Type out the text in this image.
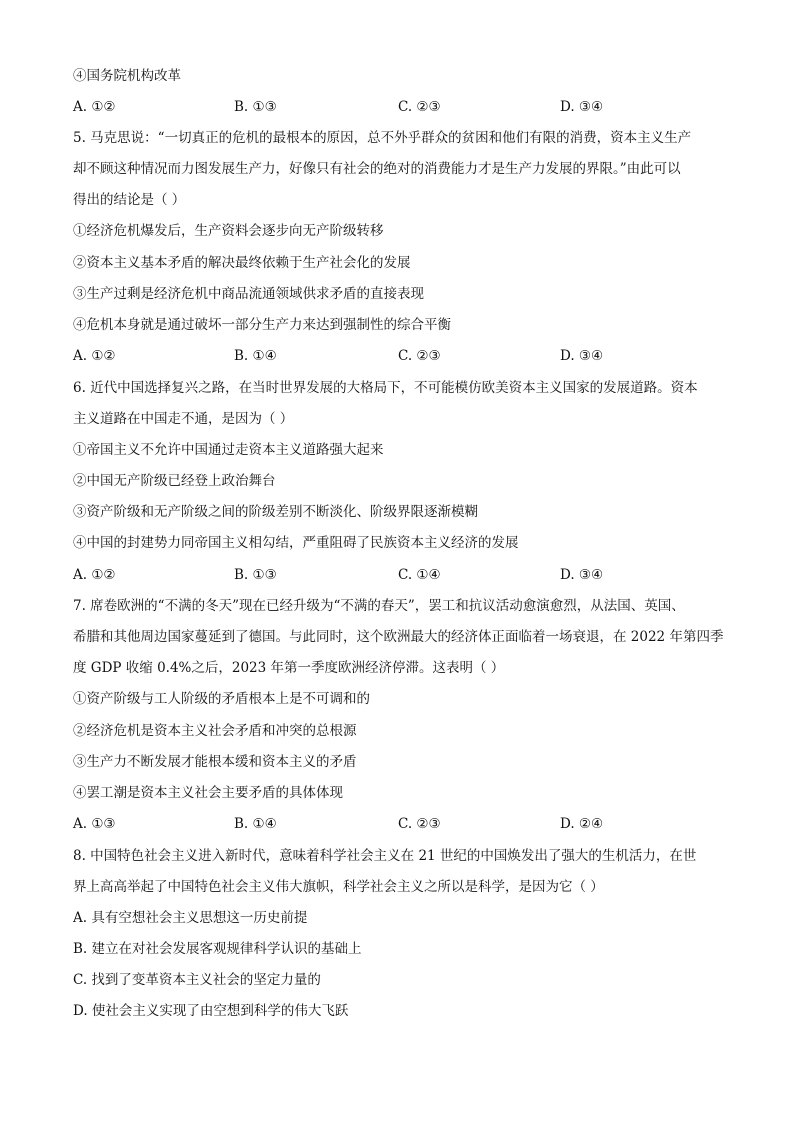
④国务院机构改革
A. ①②	B. ①③	C. ②③	D. ③④
5. 马克思说：“一切真正的危机的最根本的原因，总不外乎群众的贫困和他们有限的消费，资本主义生产
却不顾这种情况而力图发展生产力，好像只有社会的绝对的消费能力才是生产力发展的界限。”由此可以
得出的结论是（ ）
①经济危机爆发后，生产资料会逐步向无产阶级转移
②资本主义基本矛盾的解决最终依赖于生产社会化的发展
③生产过剩是经济危机中商品流通领域供求矛盾的直接表现
④危机本身就是通过破坏一部分生产力来达到强制性的综合平衡
A. ①②	B. ①④	C. ②③	D. ③④
6. 近代中国选择复兴之路，在当时世界发展的大格局下，不可能模仿欧美资本主义国家的发展道路。资本
主义道路在中国走不通，是因为（ ）
①帝国主义不允许中国通过走资本主义道路强大起来
②中国无产阶级已经登上政治舞台
③资产阶级和无产阶级之间的阶级差别不断淡化、阶级界限逐渐模糊
④中国的封建势力同帝国主义相勾结，严重阻碍了民族资本主义经济的发展
A. ①②	B. ①③	C. ①④	D. ③④
7. 席卷欧洲的“不满的冬天”现在已经升级为“不满的春天”，罢工和抗议活动愈演愈烈，从法国、英国、
希腊和其他周边国家蔓延到了德国。与此同时，这个欧洲最大的经济体正面临着一场衰退，在 2022 年第四季
度 GDP 收缩 0.4%之后，2023 年第一季度欧洲经济停滞。这表明（ ）
①资产阶级与工人阶级的矛盾根本上是不可调和的
②经济危机是资本主义社会矛盾和冲突的总根源
③生产力不断发展才能根本缓和资本主义的矛盾
④罢工潮是资本主义社会主要矛盾的具体体现
A. ①③	B. ①④	C. ②③	D. ②④
8. 中国特色社会主义进入新时代，意味着科学社会主义在 21 世纪的中国焕发出了强大的生机活力，在世
界上高高举起了中国特色社会主义伟大旗帜，科学社会主义之所以是科学，是因为它（ ）
A. 具有空想社会主义思想这一历史前提
B. 建立在对社会发展客观规律科学认识的基础上
C. 找到了变革资本主义社会的坚定力量的
D. 使社会主义实现了由空想到科学的伟大飞跃
